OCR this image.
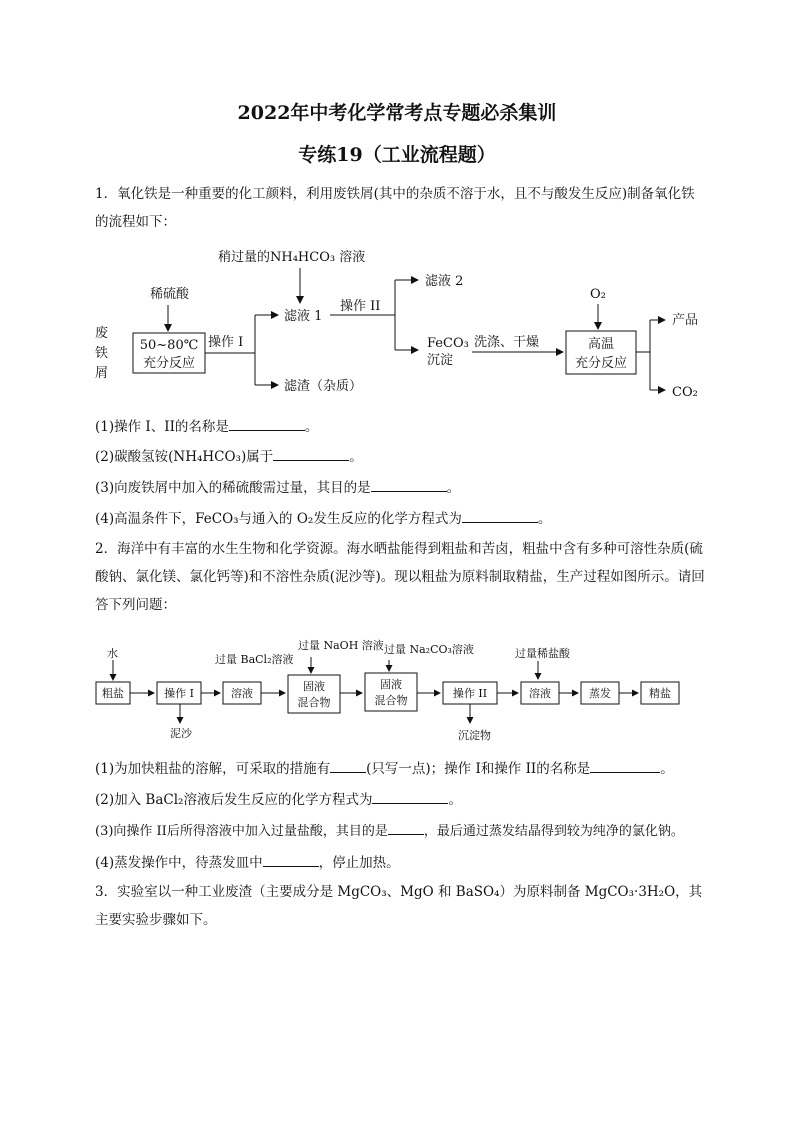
2022年中考化学常考点专题必杀集训
专练19（工业流程题）
1．氧化铁是一种重要的化工颜料，利用废铁屑(其中的杂质不溶于水，且不与酸发生反应)制备氧化铁的流程如下：
稍过量的NH₄HCO₃ 溶液
稀硫酸
废
铁
屑
50~80℃
充分反应
操作 I
滤液 1
滤渣（杂质）
操作 II
滤液 2
FeCO₃
沉淀
洗涤、干燥
O₂
高温
充分反应
产品
CO₂
(1)操作 I、II的名称是	。
(2)碳酸氢铵(NH₄HCO₃)属于	。
(3)向废铁屑中加入的稀硫酸需过量，其目的是	。
(4)高温条件下，FeCO₃与通入的 O₂发生反应的化学方程式为	。
2．海洋中有丰富的水生生物和化学资源。海水晒盐能得到粗盐和苦卤，粗盐中含有多种可溶性杂质(硫酸钠、氯化镁、氯化钙等)和不溶性杂质(泥沙等)。现以粗盐为原料制取精盐，生产过程如图所示。请回答下列问题：
水
粗盐	操作 I
泥沙
过量 BaCl₂溶液
溶液
过量 NaOH 溶液
固液
混合物
过量 Na₂CO₃溶液
固液
混合物
操作 II
沉淀物
过量稀盐酸
溶液	蒸发	精盐
(1)为加快粗盐的溶解，可采取的措施有	(只写一点)；操作 I和操作 II的名称是	。
(2)加入 BaCl₂溶液后发生反应的化学方程式为	。
(3)向操作 II后所得溶液中加入过量盐酸，其目的是	，最后通过蒸发结晶得到较为纯净的氯化钠。
(4)蒸发操作中，待蒸发皿中	，停止加热。
3．实验室以一种工业废渣（主要成分是 MgCO₃、MgO 和 BaSO₄）为原料制备 MgCO₃·3H₂O，其主要实验步骤如下。
